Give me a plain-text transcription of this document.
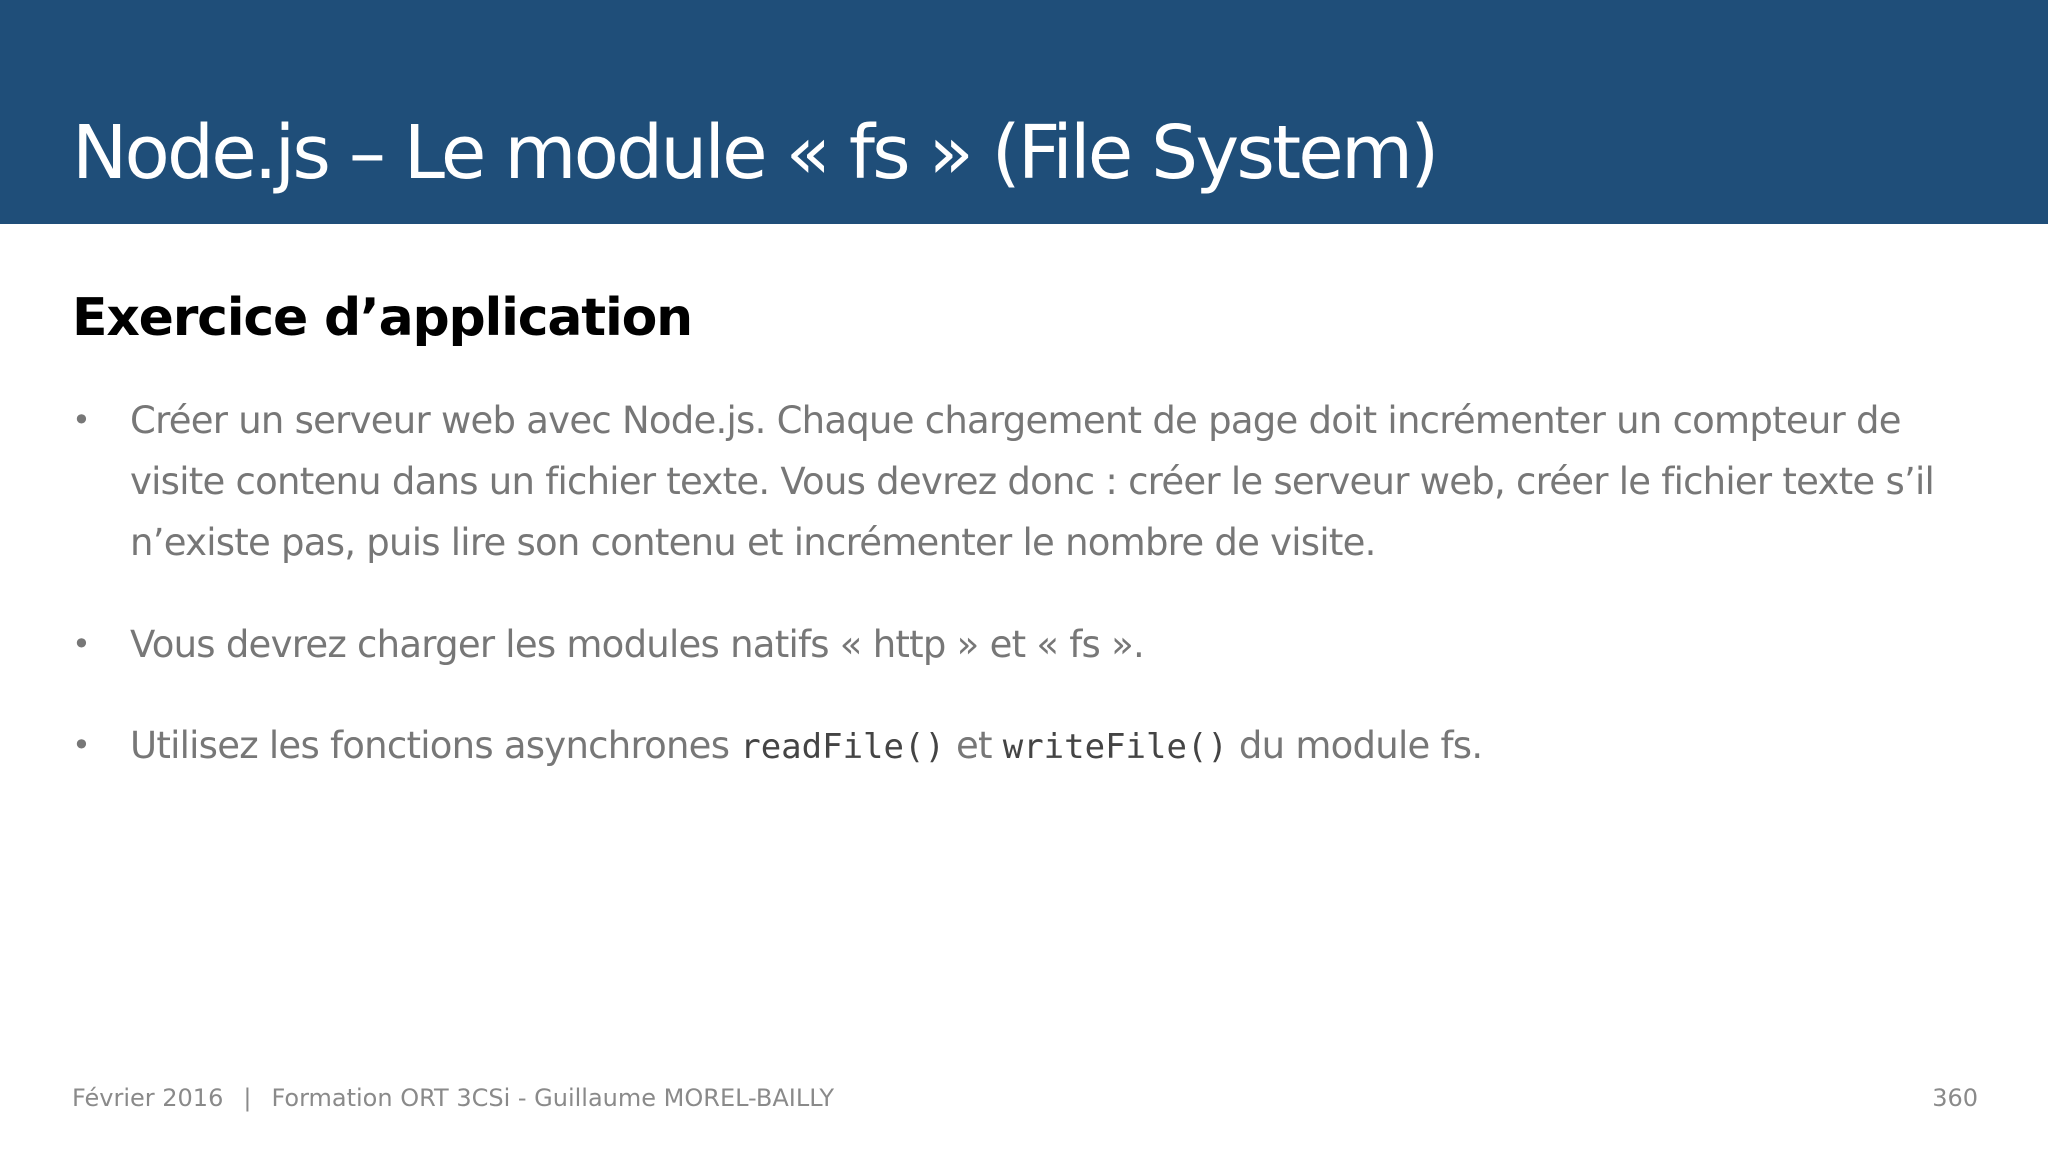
Node.js – Le module « fs » (File System)
Exercice d’application
• Créer un serveur web avec Node.js. Chaque chargement de page doit incrémenter un compteur de visite contenu dans un fichier texte. Vous devrez donc : créer le serveur web, créer le fichier texte s’il n’existe pas, puis lire son contenu et incrémenter le nombre de visite.
• Vous devrez charger les modules natifs « http » et « fs ».
• Utilisez les fonctions asynchrones readFile() et writeFile() du module fs.
Février 2016 | Formation ORT 3CSi - Guillaume MOREL-BAILLY	360
